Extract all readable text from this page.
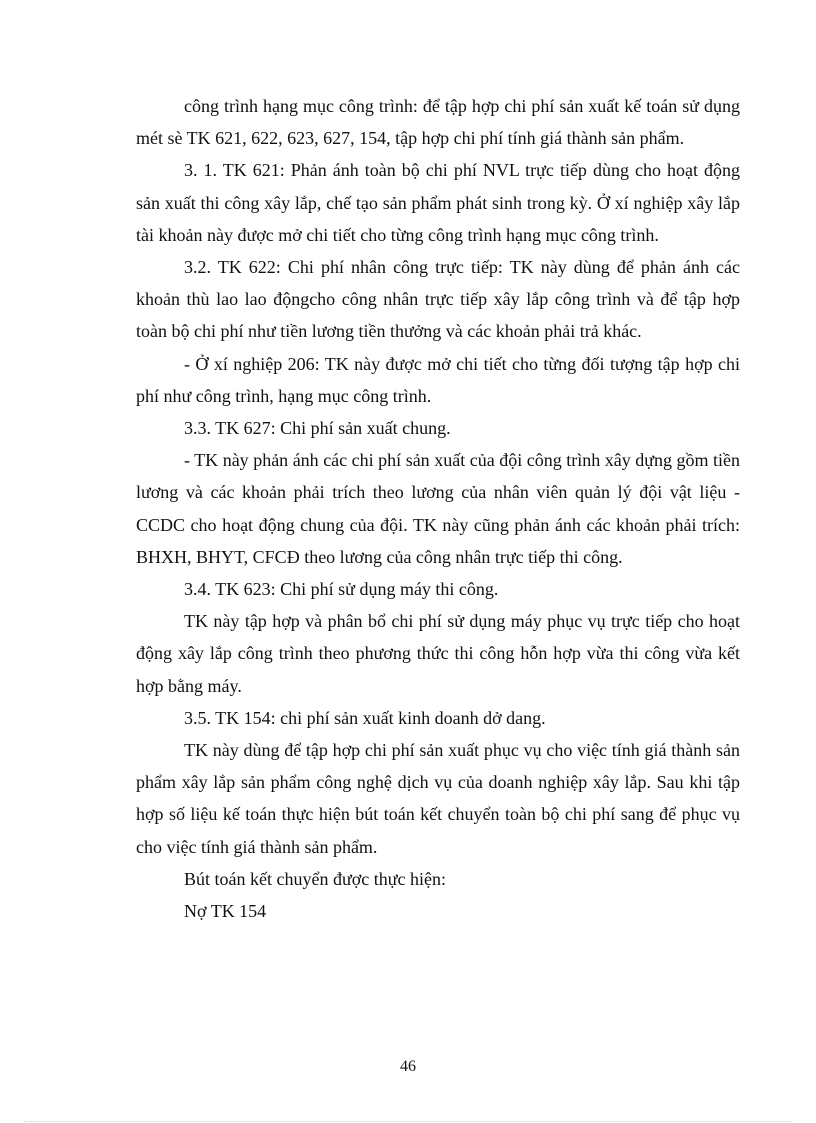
công trình hạng mục công trình: để tập hợp chi phí sản xuất kế toán sử dụng mét sè TK 621, 622, 623, 627, 154, tập hợp chi phí tính giá thành sản phẩm.

3. 1. TK 621: Phản ánh toàn bộ chi phí NVL trực tiếp dùng cho hoạt động sản xuất thi công xây lắp, chế tạo sản phẩm phát sinh trong kỳ. Ở xí nghiệp xây lắp tài khoản này được mở chi tiết cho từng công trình hạng mục công trình.

3.2. TK 622: Chi phí nhân công trực tiếp: TK này dùng để phản ánh các khoản thù lao lao độngcho công nhân trực tiếp xây lắp công trình và để tập hợp toàn bộ chi phí như tiền lương tiền thưởng và các khoản phải trả khác.

- Ở xí nghiệp 206: TK này được mở chi tiết cho từng đối tượng tập hợp chi phí như công trình, hạng mục công trình.

3.3. TK 627: Chi phí sản xuất chung.

- TK này phản ánh các chi phí sản xuất của đội công trình xây dựng gồm tiền lương và các khoản phải trích theo lương của nhân viên quản lý đội vật liệu - CCDC cho hoạt động chung của đội. TK này cũng phản ánh các khoản phải trích: BHXH, BHYT, CFCĐ theo lương của công nhân trực tiếp thi công.

3.4. TK 623: Chi phí sử dụng máy thi công.

TK này tập hợp và phân bổ chi phí sử dụng máy phục vụ trực tiếp cho hoạt động xây lắp công trình theo phương thức thi công hỗn hợp vừa thi công vừa kết hợp bằng máy.

3.5. TK 154: chi phí sản xuất kinh doanh dở dang.

TK này dùng để tập hợp chi phí sản xuất phục vụ cho việc tính giá thành sản phẩm xây lắp sản phẩm công nghệ dịch vụ của doanh nghiệp xây lắp. Sau khi tập hợp số liệu kế toán thực hiện bút toán kết chuyển toàn bộ chi phí sang để phục vụ cho việc tính giá thành sản phẩm.

Bút toán kết chuyển được thực hiện:

Nợ TK 154

46
